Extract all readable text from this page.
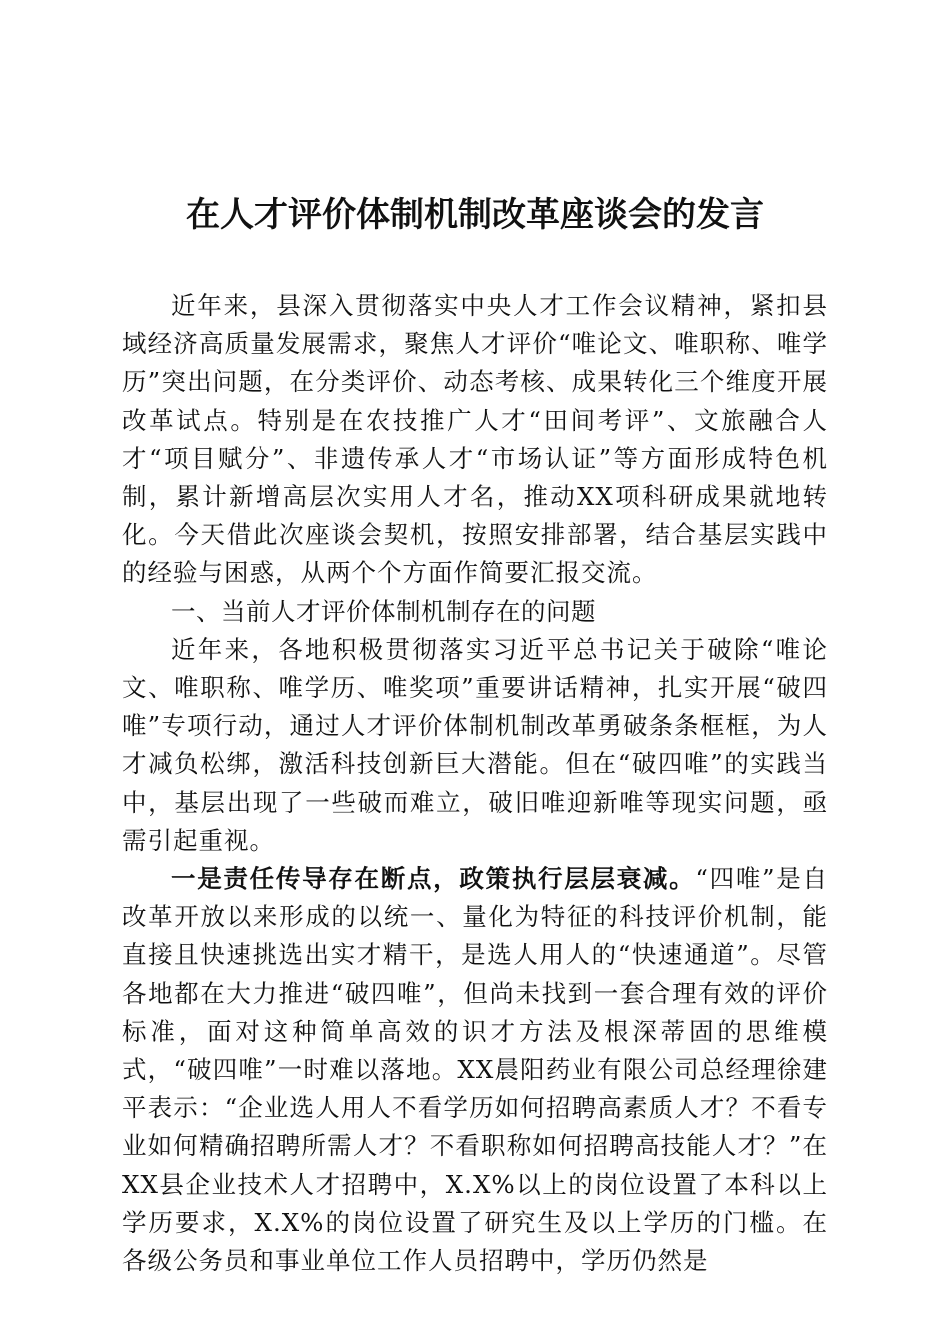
在人才评价体制机制改革座谈会的发言

近年来，县深入贯彻落实中央人才工作会议精神，紧扣县域经济高质量发展需求，聚焦人才评价“唯论文、唯职称、唯学历”突出问题，在分类评价、动态考核、成果转化三个维度开展改革试点。特别是在农技推广人才“田间考评”、文旅融合人才“项目赋分”、非遗传承人才“市场认证”等方面形成特色机制，累计新增高层次实用人才名，推动XX项科研成果就地转化。今天借此次座谈会契机，按照安排部署，结合基层实践中的经验与困惑，从两个个方面作简要汇报交流。

一、当前人才评价体制机制存在的问题

近年来，各地积极贯彻落实习近平总书记关于破除“唯论文、唯职称、唯学历、唯奖项”重要讲话精神，扎实开展“破四唯”专项行动，通过人才评价体制机制改革勇破条条框框，为人才减负松绑，激活科技创新巨大潜能。但在“破四唯”的实践当中，基层出现了一些破而难立，破旧唯迎新唯等现实问题，亟需引起重视。

一是责任传导存在断点，政策执行层层衰减。“四唯”是自改革开放以来形成的以统一、量化为特征的科技评价机制，能直接且快速挑选出实才精干，是选人用人的“快速通道”。尽管各地都在大力推进“破四唯”，但尚未找到一套合理有效的评价标准，面对这种简单高效的识才方法及根深蒂固的思维模式，“破四唯”一时难以落地。XX晨阳药业有限公司总经理徐建平表示：“企业选人用人不看学历如何招聘高素质人才？不看专业如何精确招聘所需人才？不看职称如何招聘高技能人才？”在XX县企业技术人才招聘中，X.X%以上的岗位设置了本科以上学历要求，X.X%的岗位设置了研究生及以上学历的门槛。在各级公务员和事业单位工作人员招聘中，学历仍然是
